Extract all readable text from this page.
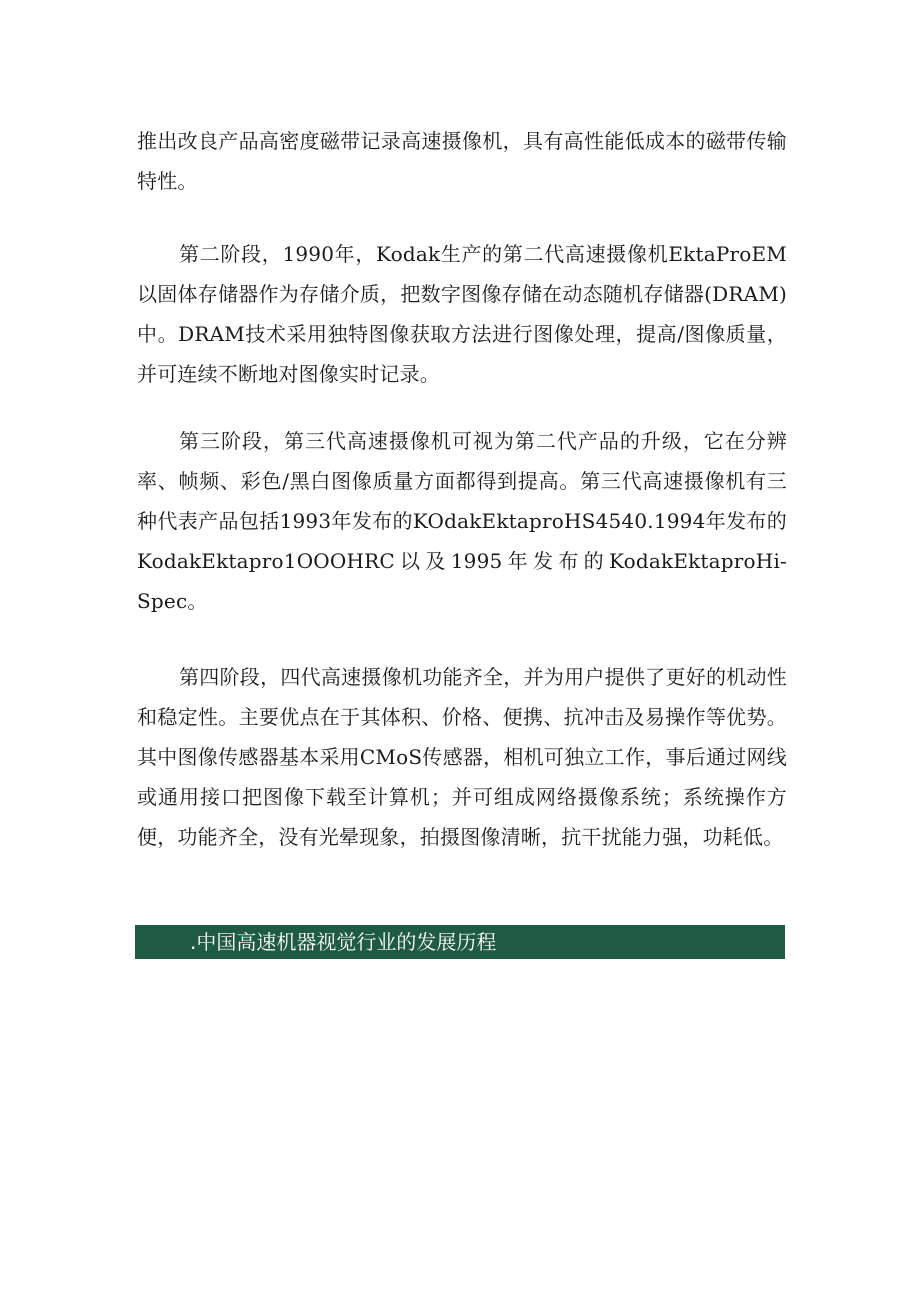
推出改良产品高密度磁带记录高速摄像机，具有高性能低成本的磁带传输特性。

第二阶段，1990年，Kodak生产的第二代高速摄像机EktaProEM以固体存储器作为存储介质，把数字图像存储在动态随机存储器(DRAM)中。DRAM技术采用独特图像获取方法进行图像处理，提高/图像质量，并可连续不断地对图像实时记录。

第三阶段，第三代高速摄像机可视为第二代产品的升级，它在分辨率、帧频、彩色/黑白图像质量方面都得到提高。第三代高速摄像机有三种代表产品包括1993年发布的KOdakEktaproHS4540.1994年发布的KodakEktapro1OOOHRC以及1995年发布的KodakEktaproHi-Spec。

第四阶段，四代高速摄像机功能齐全，并为用户提供了更好的机动性和稳定性。主要优点在于其体积、价格、便携、抗冲击及易操作等优势。其中图像传感器基本采用CMoS传感器，相机可独立工作，事后通过网线或通用接口把图像下载至计算机；并可组成网络摄像系统；系统操作方便，功能齐全，没有光晕现象，拍摄图像清晰，抗干扰能力强，功耗低。

.中国高速机器视觉行业的发展历程
